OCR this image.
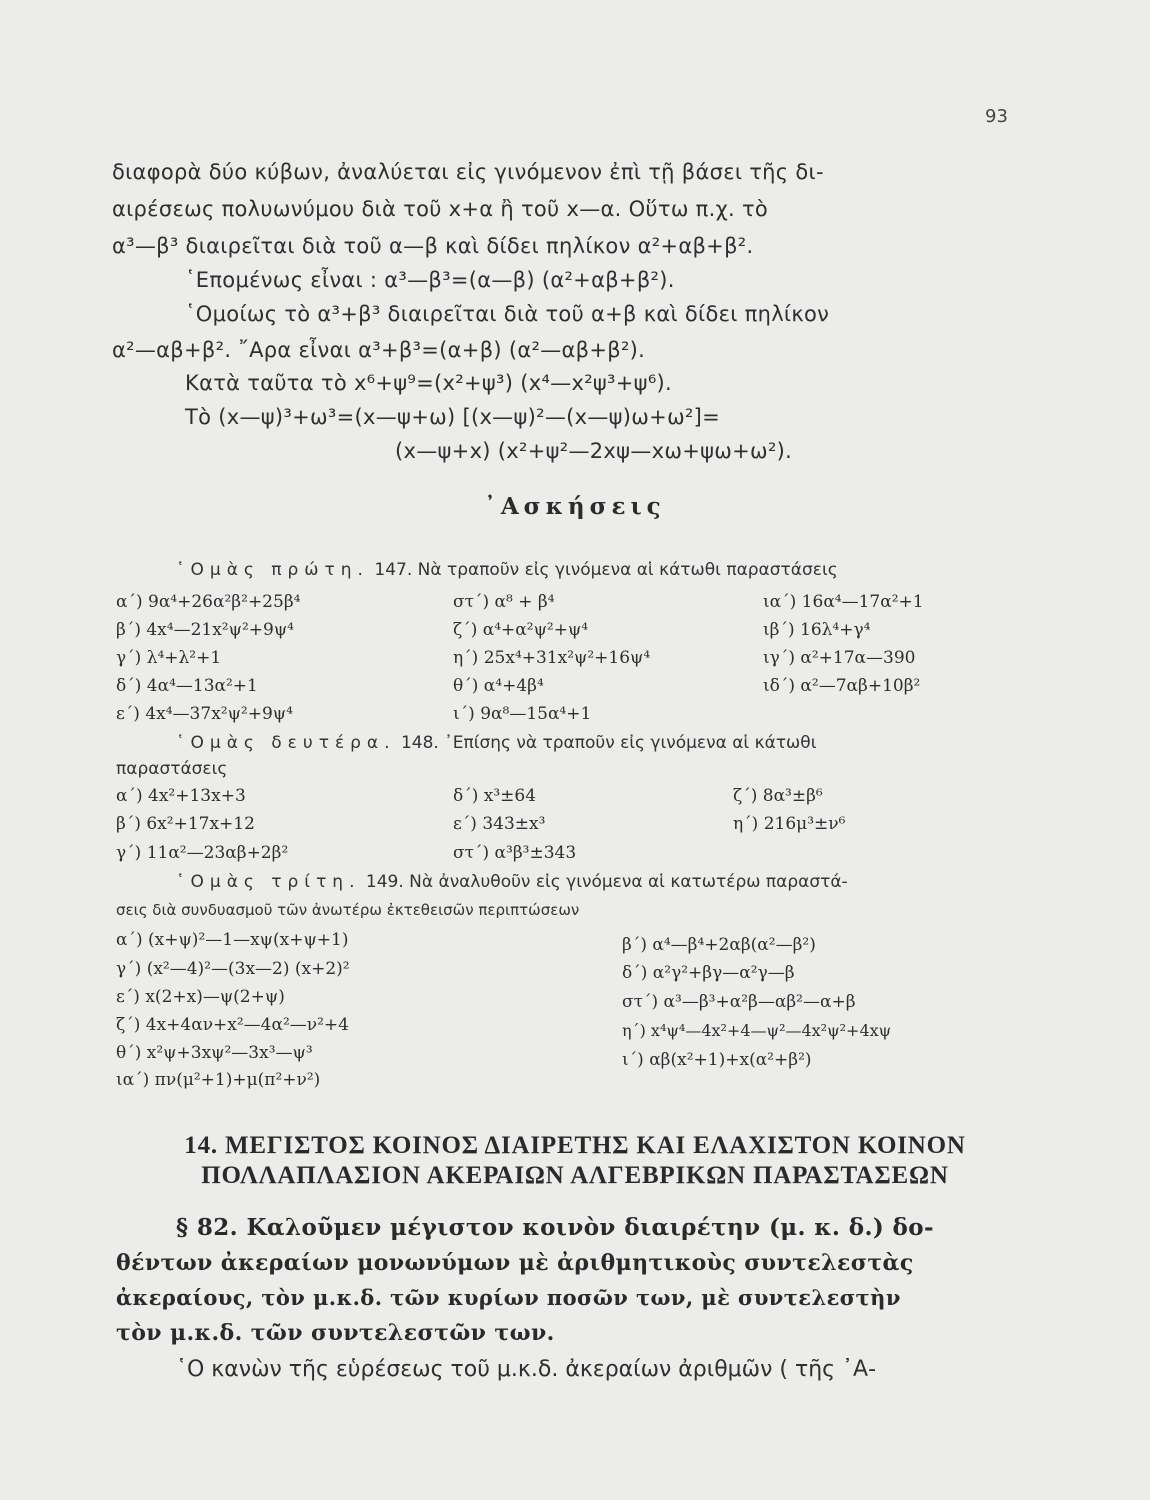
93
διαφορὰ δύο κύβων, ἀναλύεται εἰς γινόμενον ἐπὶ τῇ βάσει τῆς δι-
αιρέσεως πολυωνύμου διὰ τοῦ x+α ἢ τοῦ x—α. Οὕτω π.χ. τὸ
α³—β³ διαιρεῖται διὰ τοῦ α—β καὶ δίδει πηλίκον α²+αβ+β².
῾Επομένως εἶναι : α³—β³=(α—β) (α²+αβ+β²).
῾Ομοίως τὸ α³+β³ διαιρεῖται διὰ τοῦ α+β καὶ δίδει πηλίκον
α²—αβ+β². ῎Αρα εἶναι α³+β³=(α+β) (α²—αβ+β²).
Κατὰ ταῦτα τὸ x⁶+ψ⁹=(x²+ψ³) (x⁴—x²ψ³+ψ⁶).
Τὸ (x—ψ)³+ω³=(x—ψ+ω) [(x—ψ)²—(x—ψ)ω+ω²]=
(x—ψ+x) (x²+ψ²—2xψ—xω+ψω+ω²).
᾿Ασκήσεις
῾Ομὰς πρώτη. 147. Νὰ τραποῦν εἰς γινόμενα αἱ κάτωθι παραστάσεις
α΄) 9α⁴+26α²β²+25β⁴
β΄) 4x⁴—21x²ψ²+9ψ⁴
γ΄) λ⁴+λ²+1
δ΄) 4α⁴—13α²+1
ε΄) 4x⁴—37x²ψ²+9ψ⁴
στ΄) α⁸ + β⁴
ζ΄) α⁴+α²ψ²+ψ⁴
η΄) 25x⁴+31x²ψ²+16ψ⁴
θ΄) α⁴+4β⁴
ι΄) 9α⁸—15α⁴+1
ια΄) 16α⁴—17α²+1
ιβ΄) 16λ⁴+γ⁴
ιγ΄) α²+17α—390
ιδ΄) α²—7αβ+10β²
῾Ομὰς δευτέρα. 148. ᾿Επίσης νὰ τραποῦν εἰς γινόμενα αἱ κάτωθι
παραστάσεις
α΄) 4x²+13x+3
β΄) 6x²+17x+12
γ΄) 11α²—23αβ+2β²
δ΄) x³±64
ε΄) 343±x³
στ΄) α³β³±343
ζ΄) 8α³±β⁶
η΄) 216μ³±ν⁶
῾Ομὰς τρίτη. 149. Νὰ ἀναλυθοῦν εἰς γινόμενα αἱ κατωτέρω παραστά-
σεις διὰ συνδυασμοῦ τῶν ἀνωτέρω ἐκτεθεισῶν περιπτώσεων
α΄) (x+ψ)²—1—xψ(x+ψ+1)
γ΄) (x²—4)²—(3x—2) (x+2)²
ε΄) x(2+x)—ψ(2+ψ)
ζ΄) 4x+4αν+x²—4α²—ν²+4
θ΄) x²ψ+3xψ²—3x³—ψ³
ια΄) πν(μ²+1)+μ(π²+ν²)
β΄) α⁴—β⁴+2αβ(α²—β²)
δ΄) α²γ²+βγ—α²γ—β
στ΄) α³—β³+α²β—αβ²—α+β
η΄) x⁴ψ⁴—4x²+4—ψ²—4x²ψ²+4xψ
ι΄) αβ(x²+1)+x(α²+β²)
14. ΜΕΓΙΣΤΟΣ ΚΟΙΝΟΣ ΔΙΑΙΡΕΤΗΣ ΚΑΙ ΕΛΑΧΙΣΤΟΝ ΚΟΙΝΟΝ
ΠΟΛΛΑΠΛΑΣΙΟΝ ΑΚΕΡΑΙΩΝ ΑΛΓΕΒΡΙΚΩΝ ΠΑΡΑΣΤΑΣΕΩΝ
§ 82. Καλοῦμεν μέγιστον κοινὸν διαιρέτην (μ. κ. δ.) δο-
θέντων ἀκεραίων μονωνύμων μὲ ἀριθμητικοὺς συντελεστὰς
ἀκεραίους, τὸν μ.κ.δ. τῶν κυρίων ποσῶν των, μὲ συντελεστὴν
τὸν μ.κ.δ. τῶν συντελεστῶν των.
῾Ο κανὼν τῆς εὑρέσεως τοῦ μ.κ.δ. ἀκεραίων ἀριθμῶν ( τῆς ᾿Α-
